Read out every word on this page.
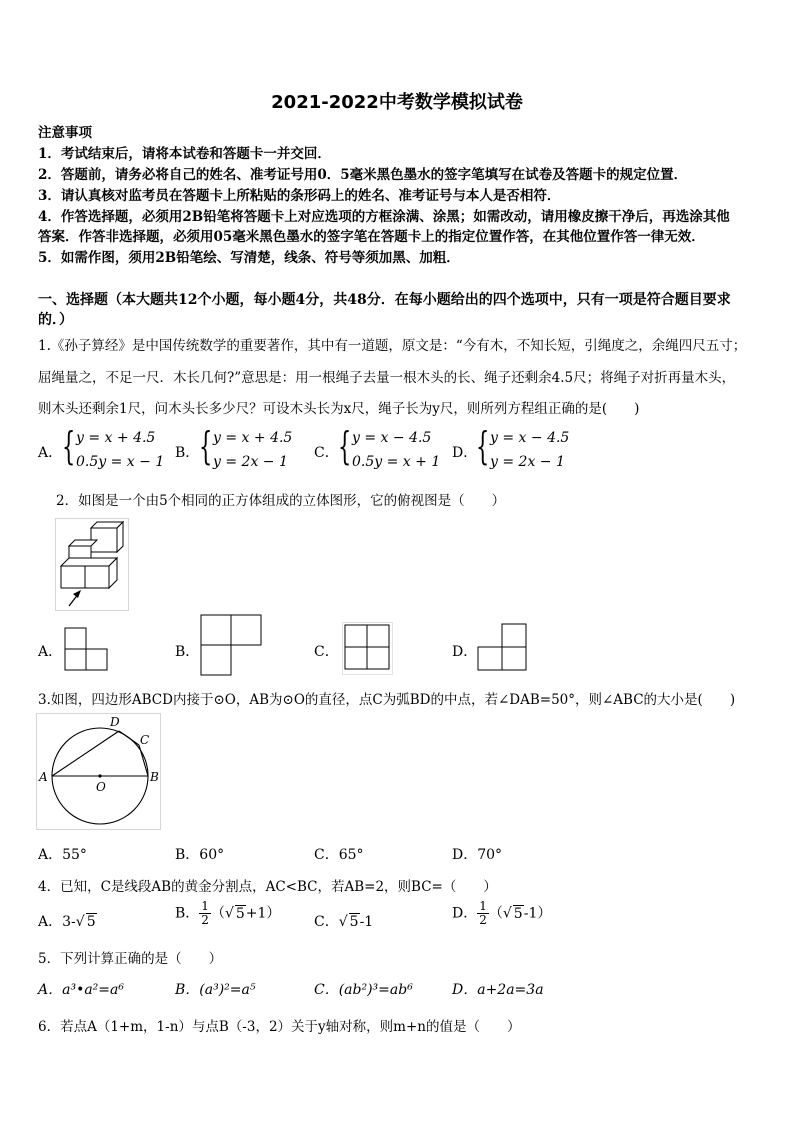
2021-2022中考数学模拟试卷
注意事项
1．考试结束后，请将本试卷和答题卡一并交回．
2．答题前，请务必将自己的姓名、准考证号用0．5毫米黑色墨水的签字笔填写在试卷及答题卡的规定位置．
3．请认真核对监考员在答题卡上所粘贴的条形码上的姓名、准考证号与本人是否相符．
4．作答选择题，必须用2B铅笔将答题卡上对应选项的方框涂满、涂黑；如需改动，请用橡皮擦干净后，再选涂其他
答案．作答非选择题，必须用05毫米黑色墨水的签字笔在答题卡上的指定位置作答，在其他位置作答一律无效．
5．如需作图，须用2B铅笔绘、写清楚，线条、符号等须加黑、加粗．
一、选择题（本大题共12个小题，每小题4分，共48分．在每小题给出的四个选项中，只有一项是符合题目要求
的．）
1.《孙子算经》是中国传统数学的重要著作，其中有一道题，原文是：“今有木，不知长短，引绳度之，余绳四尺五寸；
屈绳量之，不足一尺．木长几何?”意思是：用一根绳子去量一根木头的长、绳子还剩余4.5尺；将绳子对折再量木头，
则木头还剩余1尺，问木头长多少尺？可设木头长为x尺，绳子长为y尺，则所列方程组正确的是(　　)
A． { y = x + 4.5
0.5y = x − 1
B． { y = x + 4.5
y = 2x − 1
C． { y = x − 4.5
0.5y = x + 1
D．
{ y = x − 4.5
y = 2x − 1
2．如图是一个由5个相同的正方体组成的立体图形，它的俯视图是（　　）
A．	B．	C．	D．
3.如图，四边形ABCD内接于⊙O，AB为⊙O的直径，点C为弧BD的中点，若∠DAB=50°，则∠ABC的大小是(　　)
A	B
C
D
O
A．55°	B．60°	C．65°	D．70°
4．已知，C是线段AB的黄金分割点，AC<BC，若AB=2，则BC=（　　）
A．3-√ 5
B． $\frac{1}{2}$ （√ 5+1）
C．√ 5-1
D． $\frac{1}{2}$ （√ 5-1）
5．下列计算正确的是（　　）
A．a³•a²=a⁶	B．(a³)²=a⁵	C．(ab²)³=ab⁶	D．a+2a=3a
6．若点A（1+m，1-n）与点B（-3，2）关于y轴对称，则m+n的值是（　　）
